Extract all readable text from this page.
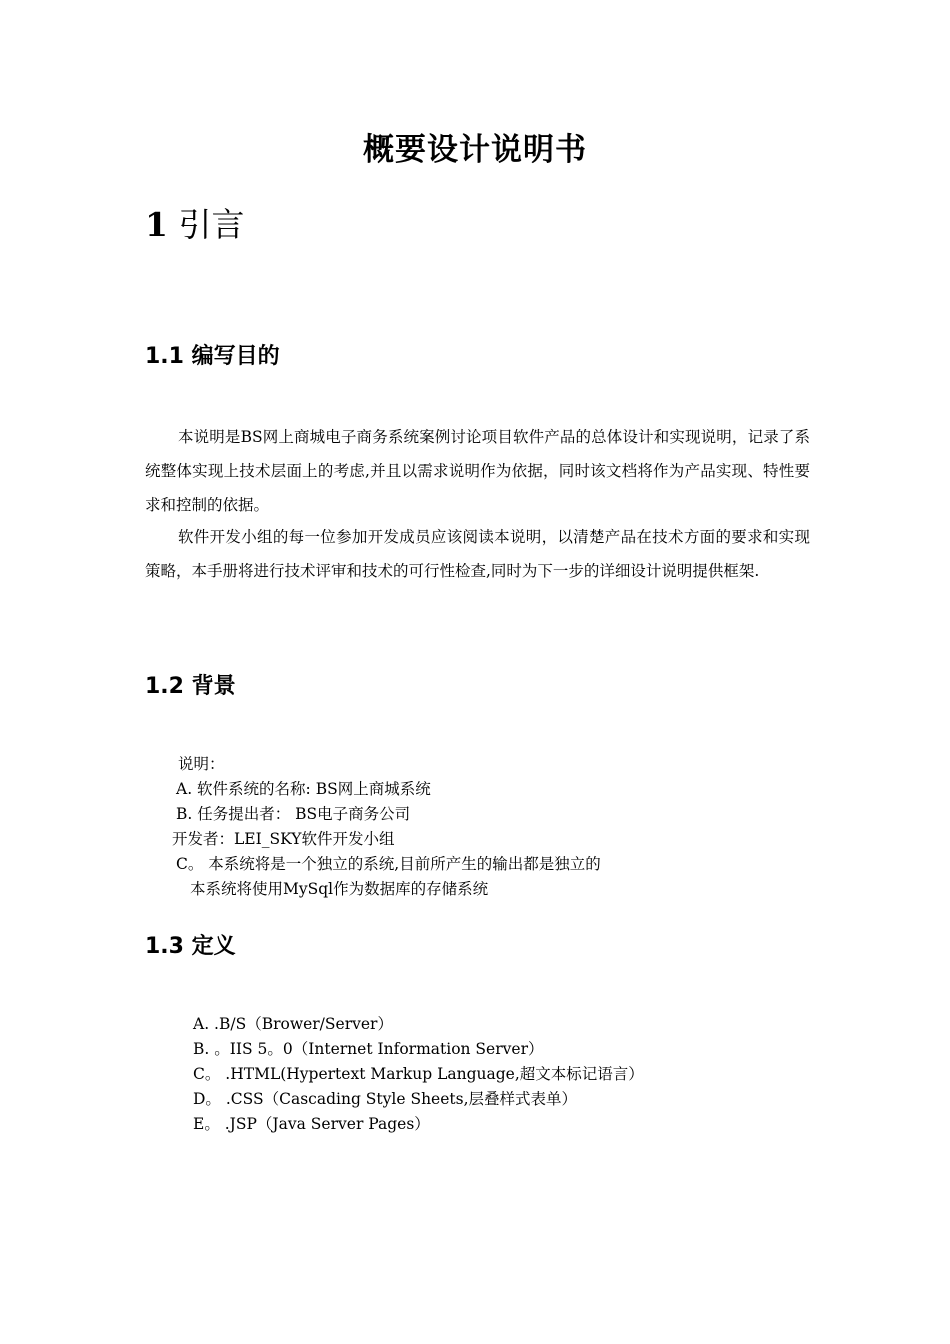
概要设计说明书
1 引言
1.1 编写目的

本说明是BS网上商城电子商务系统案例讨论项目软件产品的总体设计和实现说明，记录了系统整体实现上技术层面上的考虑,并且以需求说明作为依据，同时该文档将作为产品实现、特性要求和控制的依据。

软件开发小组的每一位参加开发成员应该阅读本说明，以清楚产品在技术方面的要求和实现策略，本手册将进行技术评审和技术的可行性检查,同时为下一步的详细设计说明提供框架.

1.2 背景
说明：
A. 软件系统的名称: BS网上商城系统
B. 任务提出者： BS电子商务公司
开发者：LEI_SKY软件开发小组
C。 本系统将是一个独立的系统,目前所产生的输出都是独立的
本系统将使用MySql作为数据库的存储系统
1.3 定义
A. .B/S（Brower/Server）
B. 。IIS 5。0（Internet Information Server）
C。 .HTML(Hypertext Markup Language,超文本标记语言）
D。 .CSS（Cascading Style Sheets,层叠样式表单）
E。 .JSP（Java Server Pages）
